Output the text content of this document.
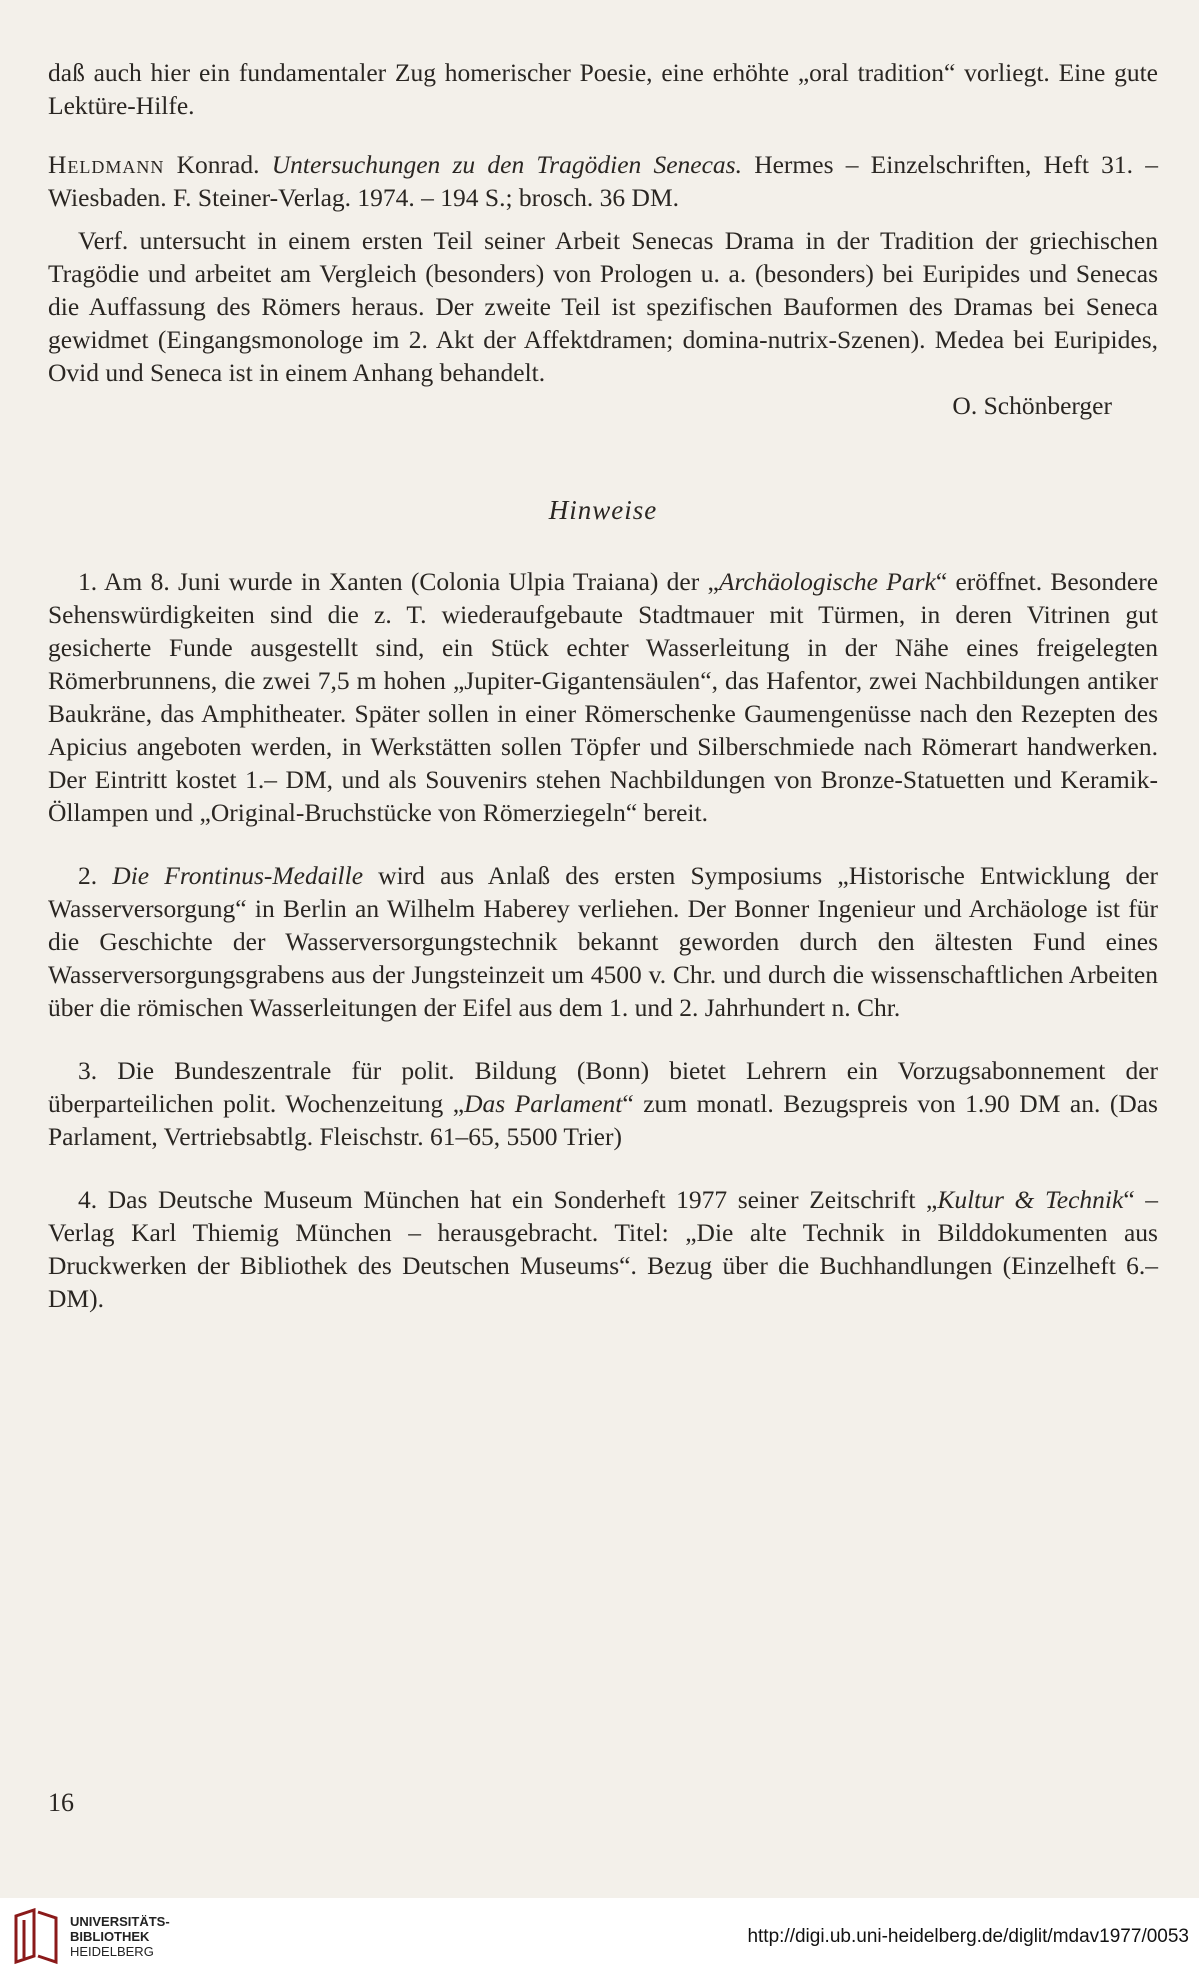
daß auch hier ein fundamentaler Zug homerischer Poesie, eine erhöhte „oral tradition“ vorliegt. Eine gute Lektüre-Hilfe.

Heldmann Konrad. Untersuchungen zu den Tragödien Senecas. Hermes – Einzelschriften, Heft 31. – Wiesbaden. F. Steiner-Verlag. 1974. – 194 S.; brosch. 36 DM.

Verf. untersucht in einem ersten Teil seiner Arbeit Senecas Drama in der Tradition der griechischen Tragödie und arbeitet am Vergleich (besonders) von Prologen u. a. (besonders) bei Euripides und Senecas die Auffassung des Römers heraus. Der zweite Teil ist spezifischen Bauformen des Dramas bei Seneca gewidmet (Eingangsmonologe im 2. Akt der Affektdramen; domina-nutrix-Szenen). Medea bei Euripides, Ovid und Seneca ist in einem Anhang behandelt.

O. Schönberger

Hinweise

1. Am 8. Juni wurde in Xanten (Colonia Ulpia Traiana) der „Archäologische Park“ eröffnet. Besondere Sehenswürdigkeiten sind die z. T. wiederaufgebaute Stadtmauer mit Türmen, in deren Vitrinen gut gesicherte Funde ausgestellt sind, ein Stück echter Wasserleitung in der Nähe eines freigelegten Römerbrunnens, die zwei 7,5 m hohen „Jupiter-Gigantensäulen“, das Hafentor, zwei Nachbildungen antiker Baukräne, das Amphitheater. Später sollen in einer Römerschenke Gaumengenüsse nach den Rezepten des Apicius angeboten werden, in Werkstätten sollen Töpfer und Silberschmiede nach Römerart handwerken. Der Eintritt kostet 1.– DM, und als Souvenirs stehen Nachbildungen von Bronze-Statuetten und Keramik-Öllampen und „Original-Bruchstücke von Römerziegeln“ bereit.

2. Die Frontinus-Medaille wird aus Anlaß des ersten Symposiums „Historische Entwicklung der Wasserversorgung“ in Berlin an Wilhelm Haberey verliehen. Der Bonner Ingenieur und Archäologe ist für die Geschichte der Wasserversorgungstechnik bekannt geworden durch den ältesten Fund eines Wasserversorgungsgrabens aus der Jungsteinzeit um 4500 v. Chr. und durch die wissenschaftlichen Arbeiten über die römischen Wasserleitungen der Eifel aus dem 1. und 2. Jahrhundert n. Chr.

3. Die Bundeszentrale für polit. Bildung (Bonn) bietet Lehrern ein Vorzugsabonnement der überparteilichen polit. Wochenzeitung „Das Parlament“ zum monatl. Bezugspreis von 1.90 DM an. (Das Parlament, Vertriebsabtlg. Fleischstr. 61–65, 5500 Trier)

4. Das Deutsche Museum München hat ein Sonderheft 1977 seiner Zeitschrift „Kultur & Technik“ – Verlag Karl Thiemig München – herausgebracht. Titel: „Die alte Technik in Bilddokumenten aus Druckwerken der Bibliothek des Deutschen Museums“. Bezug über die Buchhandlungen (Einzelheft 6.– DM).

16
UNIVERSITÄTS-
BIBLIOTHEK
HEIDELBERG
http://digi.ub.uni-heidelberg.de/diglit/mdav1977/0053
